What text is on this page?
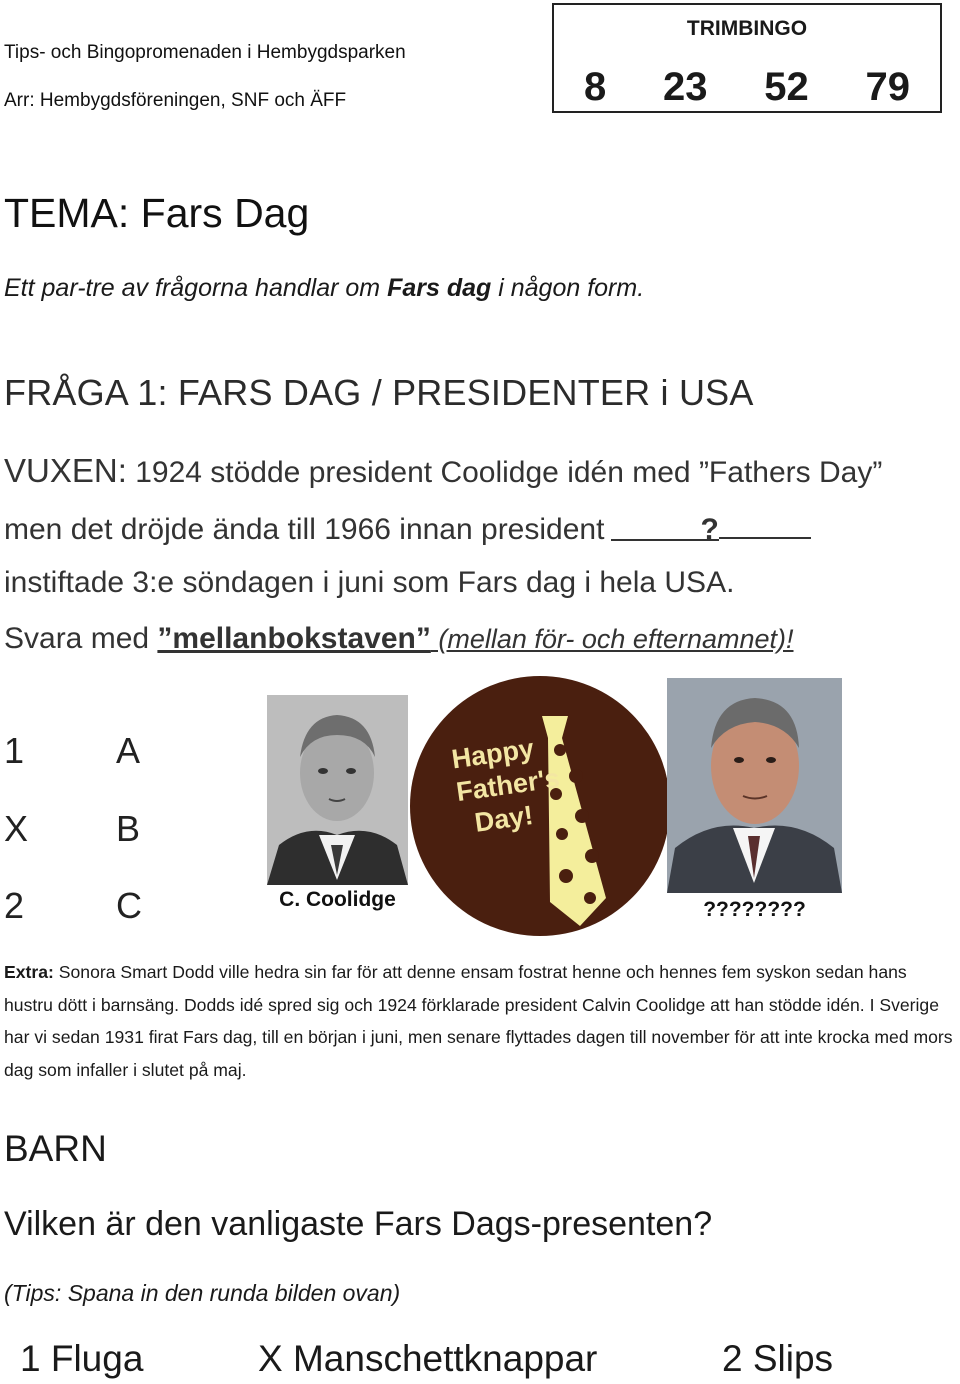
Tips- och Bingopromenaden i Hembygdsparken
Arr: Hembygdsföreningen, SNF och ÄFF
TRIMBINGO
8 23 52 79
TEMA: Fars Dag
Ett par-tre av frågorna handlar om Fars dag i någon form.
FRÅGA 1: FARS DAG / PRESIDENTER i USA
VUXEN: 1924 stödde president Coolidge idén med ”Fathers Day”
men det dröjde ända till 1966 innan president	?
instiftade 3:e söndagen i juni som Fars dag i hela USA.
Svara med ”mellanbokstaven” (mellan för- och efternamnet)!
1	A
X B
2	C	C. Coolidge
Happy
Father's
Day!
????????
Extra: Sonora Smart Dodd ville hedra sin far för att denne ensam fostrat henne och hennes fem syskon sedan hans hustru dött i barnsäng. Dodds idé spred sig och 1924 förklarade president Calvin Coolidge att han stödde idén. I Sverige har vi sedan 1931 firat Fars dag, till en början i juni, men senare flyttades dagen till november för att inte krocka med mors dag som infaller i slutet på maj.
BARN
Vilken är den vanligaste Fars Dags-presenten?
(Tips: Spana in den runda bilden ovan)
1 Fluga	X Manschettknappar	2 Slips
